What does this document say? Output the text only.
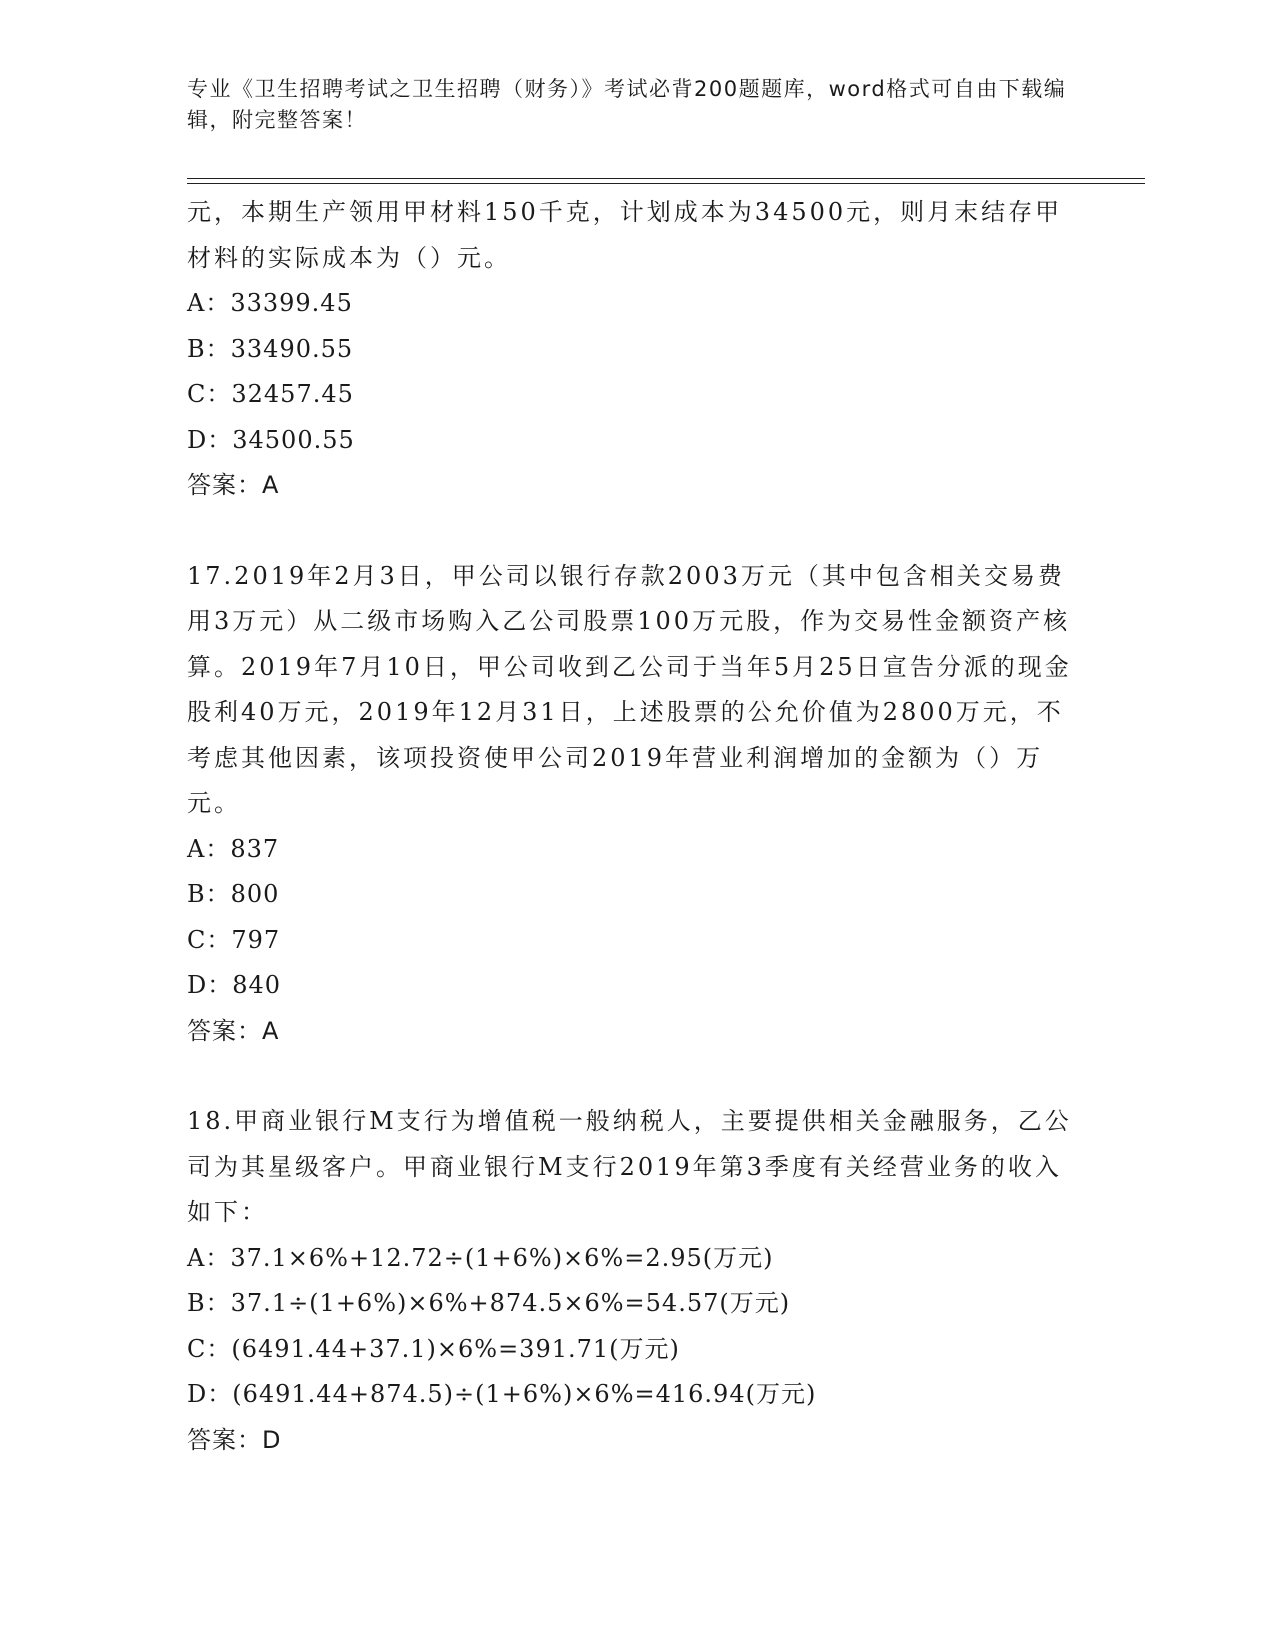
专业《卫生招聘考试之卫生招聘（财务）》考试必背200题题库，word格式可自由下载编辑，附完整答案！

元，本期生产领用甲材料150千克，计划成本为34500元，则月末结存甲材料的实际成本为（）元。

A：33399.45

B：33490.55

C：32457.45

D：34500.55

答案：A

17.2019年2月3日，甲公司以银行存款2003万元（其中包含相关交易费用3万元）从二级市场购入乙公司股票100万元股，作为交易性金额资产核算。2019年7月10日，甲公司收到乙公司于当年5月25日宣告分派的现金股利40万元，2019年12月31日，上述股票的公允价值为2800万元，不考虑其他因素，该项投资使甲公司2019年营业利润增加的金额为（）万元。

A：837

B：800

C：797

D：840

答案：A

18.甲商业银行M支行为增值税一般纳税人，主要提供相关金融服务，乙公司为其星级客户。甲商业银行M支行2019年第3季度有关经营业务的收入如下：

A：37.1×6%+12.72÷(1+6%)×6%=2.95(万元)

B：37.1÷(1+6%)×6%+874.5×6%=54.57(万元)

C：(6491.44+37.1)×6%=391.71(万元)

D：(6491.44+874.5)÷(1+6%)×6%=416.94(万元)

答案：D
